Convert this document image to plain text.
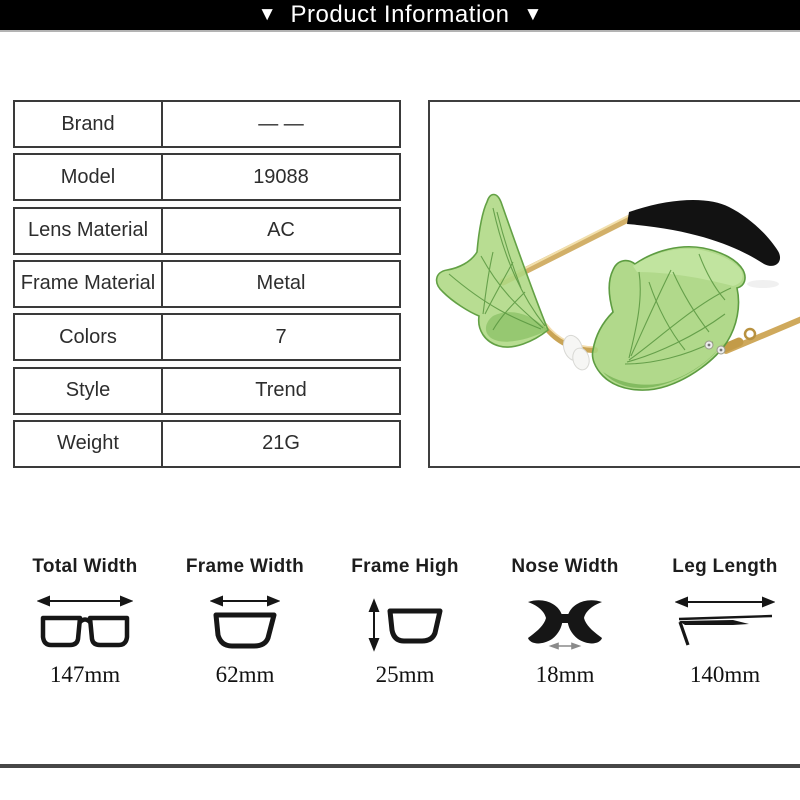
▼ Product Information ▼
Brand	— —
Model	19088
Lens Material	AC
Frame Material	Metal
Colors	7
Style	Trend
Weight	21G
Total Width
147mm
Frame Width
62mm
Frame High
25mm
Nose Width
18mm
Leg Length
140mm
